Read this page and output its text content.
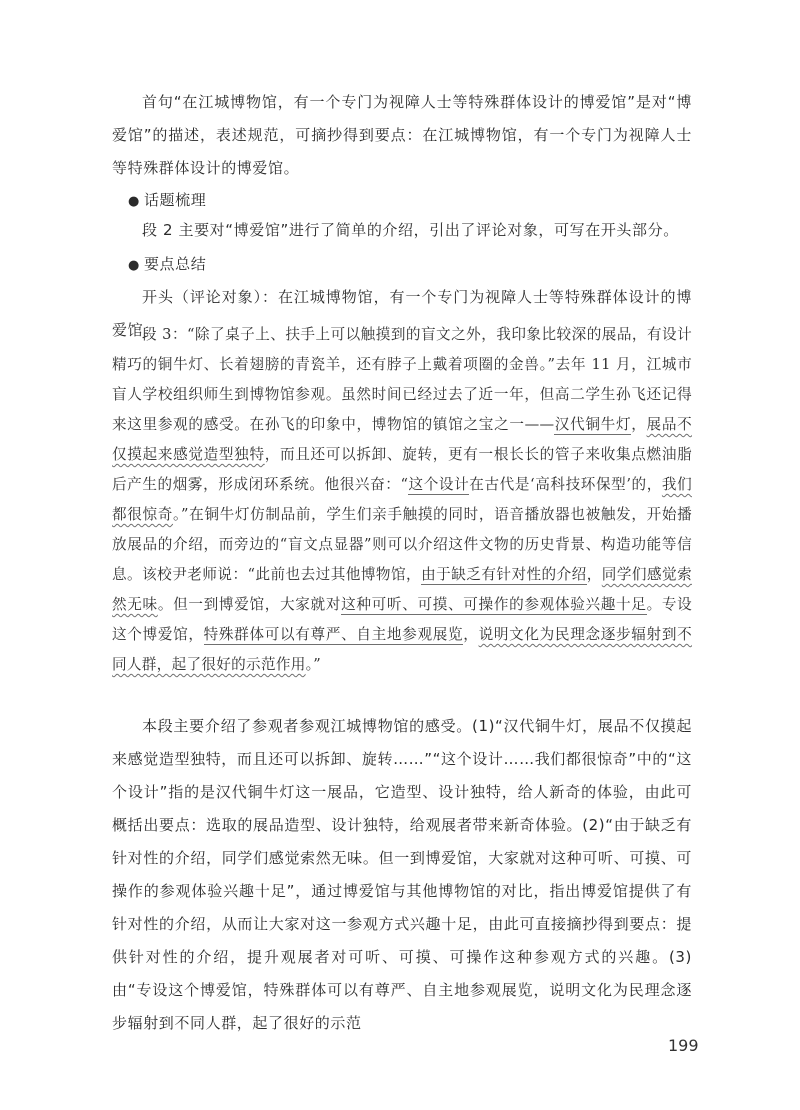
首句“在江城博物馆，有一个专门为视障人士等特殊群体设计的博爱馆”是对“博爱馆”的描述，表述规范，可摘抄得到要点：在江城博物馆，有一个专门为视障人士等特殊群体设计的博爱馆。

● 话题梳理

段 2 主要对“博爱馆”进行了简单的介绍，引出了评论对象，可写在开头部分。

● 要点总结

开头（评论对象）：在江城博物馆，有一个专门为视障人士等特殊群体设计的博爱馆。

段 3：“除了桌子上、扶手上可以触摸到的盲文之外，我印象比较深的展品，有设计精巧的铜牛灯、长着翅膀的青瓷羊，还有脖子上戴着项圈的金兽。”去年 11 月，江城市盲人学校组织师生到博物馆参观。虽然时间已经过去了近一年，但高二学生孙飞还记得来这里参观的感受。在孙飞的印象中，博物馆的镇馆之宝之一——汉代铜牛灯，展品不仅摸起来感觉造型独特，而且还可以拆卸、旋转，更有一根长长的管子来收集点燃油脂后产生的烟雾，形成闭环系统。他很兴奋：“这个设计在古代是‘高科技环保型’的，我们都很惊奇。”在铜牛灯仿制品前，学生们亲手触摸的同时，语音播放器也被触发，开始播放展品的介绍，而旁边的“盲文点显器”则可以介绍这件文物的历史背景、构造功能等信息。该校尹老师说：“此前也去过其他博物馆，由于缺乏有针对性的介绍，同学们感觉索然无味。但一到博爱馆，大家就对这种可听、可摸、可操作的参观体验兴趣十足。专设这个博爱馆，特殊群体可以有尊严、自主地参观展览，说明文化为民理念逐步辐射到不同人群，起了很好的示范作用。”

本段主要介绍了参观者参观江城博物馆的感受。(1)“汉代铜牛灯，展品不仅摸起来感觉造型独特，而且还可以拆卸、旋转……”“这个设计……我们都很惊奇”中的“这个设计”指的是汉代铜牛灯这一展品，它造型、设计独特，给人新奇的体验，由此可概括出要点：选取的展品造型、设计独特，给观展者带来新奇体验。(2)“由于缺乏有针对性的介绍，同学们感觉索然无味。但一到博爱馆，大家就对这种可听、可摸、可操作的参观体验兴趣十足”，通过博爱馆与其他博物馆的对比，指出博爱馆提供了有针对性的介绍，从而让大家对这一参观方式兴趣十足，由此可直接摘抄得到要点：提供针对性的介绍，提升观展者对可听、可摸、可操作这种参观方式的兴趣。(3) 由“专设这个博爱馆，特殊群体可以有尊严、自主地参观展览，说明文化为民理念逐步辐射到不同人群，起了很好的示范

199
